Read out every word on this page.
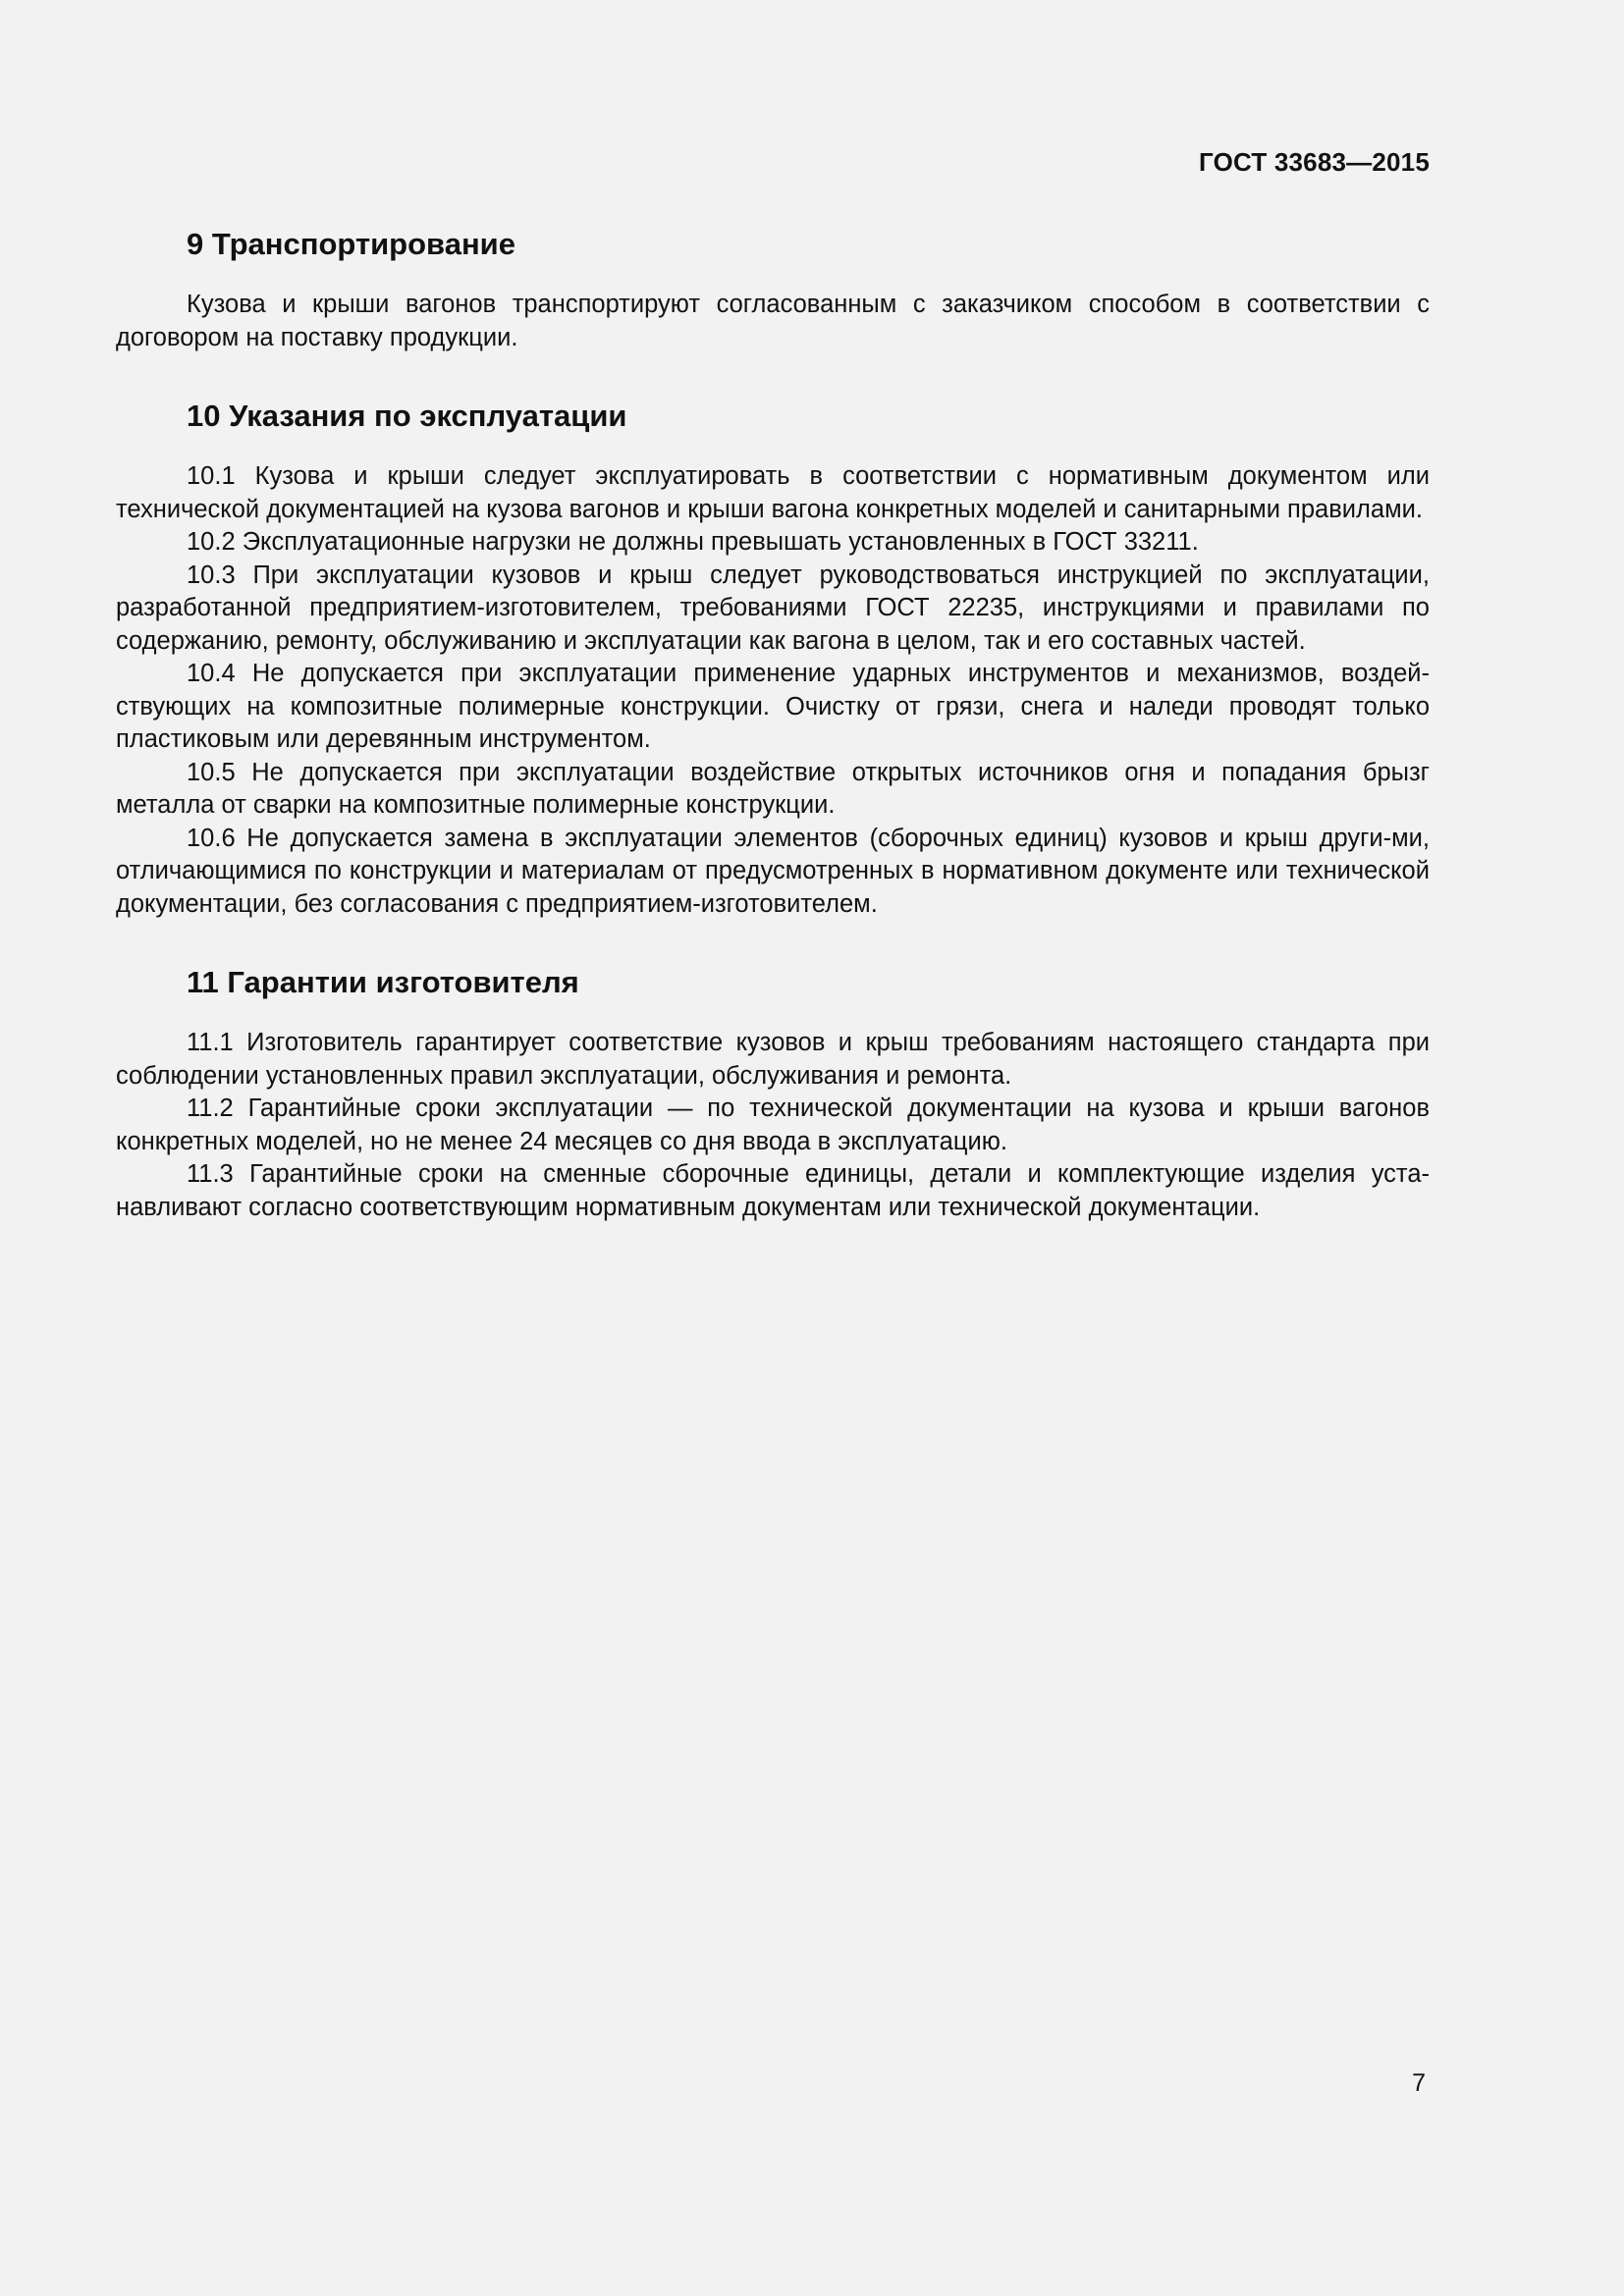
ГОСТ 33683—2015
9 Транспортирование

Кузова и крыши вагонов транспортируют согласованным с заказчиком способом в соответствии с договором на поставку продукции.

10 Указания по эксплуатации

10.1 Кузова и крыши следует эксплуатировать в соответствии с нормативным документом или технической документацией на кузова вагонов и крыши вагона конкретных моделей и санитарными правилами.

10.2 Эксплуатационные нагрузки не должны превышать установленных в ГОСТ 33211.

10.3 При эксплуатации кузовов и крыш следует руководствоваться инструкцией по эксплуатации, разработанной предприятием-изготовителем, требованиями ГОСТ 22235, инструкциями и правилами по содержанию, ремонту, обслуживанию и эксплуатации как вагона в целом, так и его составных частей.

10.4 Не допускается при эксплуатации применение ударных инструментов и механизмов, воздей-ствующих на композитные полимерные конструкции. Очистку от грязи, снега и наледи проводят только пластиковым или деревянным инструментом.

10.5 Не допускается при эксплуатации воздействие открытых источников огня и попадания брызг металла от сварки на композитные полимерные конструкции.

10.6 Не допускается замена в эксплуатации элементов (сборочных единиц) кузовов и крыш други-ми, отличающимися по конструкции и материалам от предусмотренных в нормативном документе или технической документации, без согласования с предприятием-изготовителем.

11 Гарантии изготовителя

11.1 Изготовитель гарантирует соответствие кузовов и крыш требованиям настоящего стандарта при соблюдении установленных правил эксплуатации, обслуживания и ремонта.

11.2 Гарантийные сроки эксплуатации — по технической документации на кузова и крыши вагонов конкретных моделей, но не менее 24 месяцев со дня ввода в эксплуатацию.

11.3 Гарантийные сроки на сменные сборочные единицы, детали и комплектующие изделия уста-навливают согласно соответствующим нормативным документам или технической документации.

7
